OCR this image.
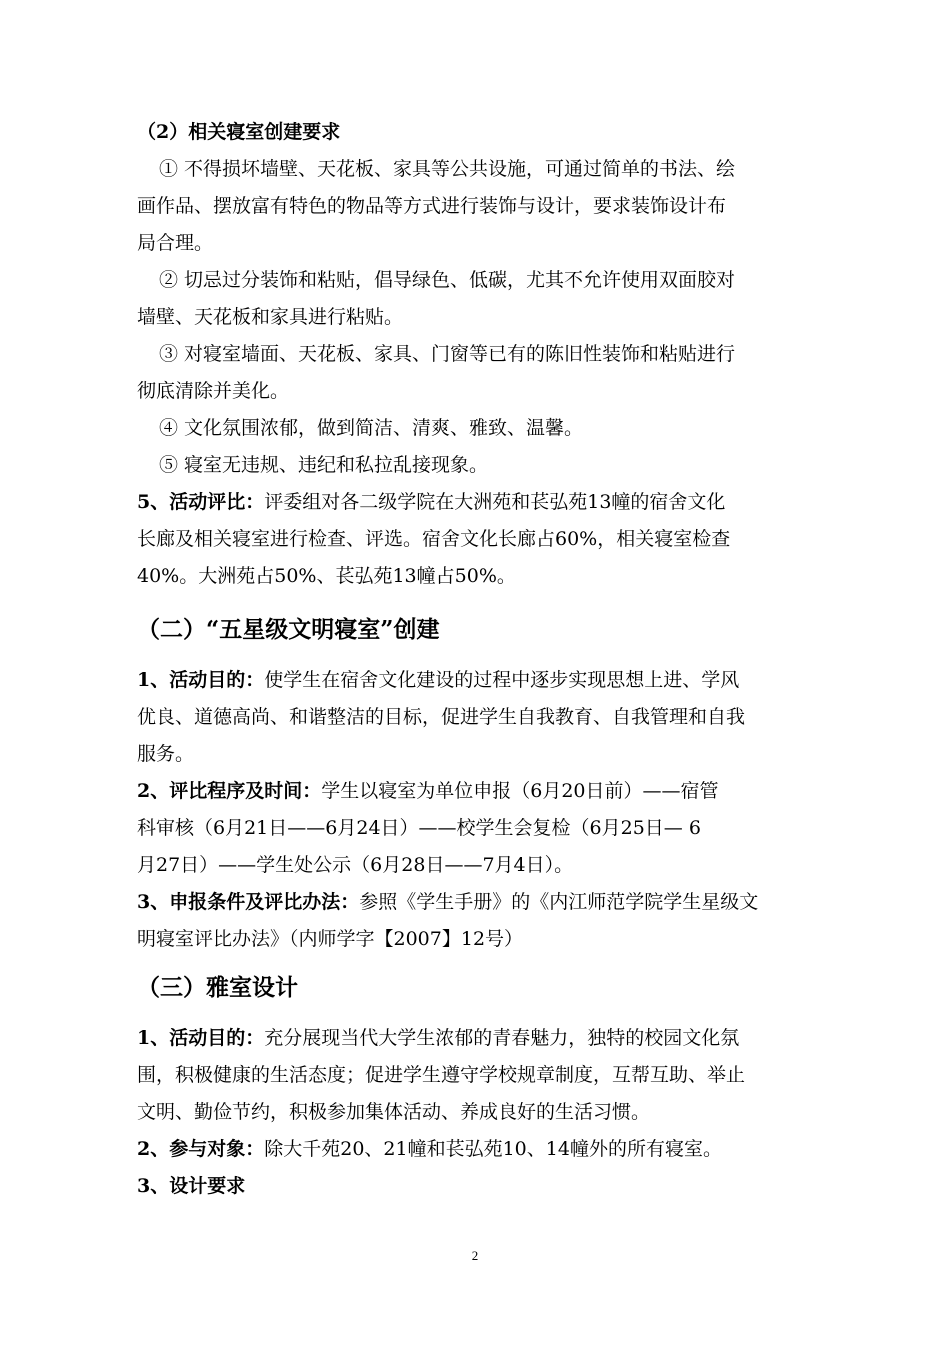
（2）相关寝室创建要求
① 不得损坏墙壁、天花板、家具等公共设施，可通过简单的书法、绘
画作品、摆放富有特色的物品等方式进行装饰与设计，要求装饰设计布
局合理。
② 切忌过分装饰和粘贴，倡导绿色、低碳，尤其不允许使用双面胶对
墙壁、天花板和家具进行粘贴。
③ 对寝室墙面、天花板、家具、门窗等已有的陈旧性装饰和粘贴进行
彻底清除并美化。
④ 文化氛围浓郁，做到简洁、清爽、雅致、温馨。
⑤ 寝室无违规、违纪和私拉乱接现象。
5、活动评比：评委组对各二级学院在大洲苑和苌弘苑13幢的宿舍文化
长廊及相关寝室进行检查、评选。宿舍文化长廊占60%，相关寝室检查
40%。大洲苑占50%、苌弘苑13幢占50%。
（二）“五星级文明寝室”创建
1、活动目的：使学生在宿舍文化建设的过程中逐步实现思想上进、学风
优良、道德高尚、和谐整洁的目标，促进学生自我教育、自我管理和自我
服务。
2、评比程序及时间：学生以寝室为单位申报（6月20日前）——宿管
科审核（6月21日——6月24日）——校学生会复检（6月25日— 6
月27日）——学生处公示（6月28日——7月4日）。
3、申报条件及评比办法：参照《学生手册》的《内江师范学院学生星级文
明寝室评比办法》（内师学字【2007】12号）
（三）雅室设计
1、活动目的：充分展现当代大学生浓郁的青春魅力，独特的校园文化氛
围，积极健康的生活态度；促进学生遵守学校规章制度，互帮互助、举止
文明、勤俭节约，积极参加集体活动、养成良好的生活习惯。
2、参与对象：除大千苑20、21幢和苌弘苑10、14幢外的所有寝室。
3、设计要求
2
